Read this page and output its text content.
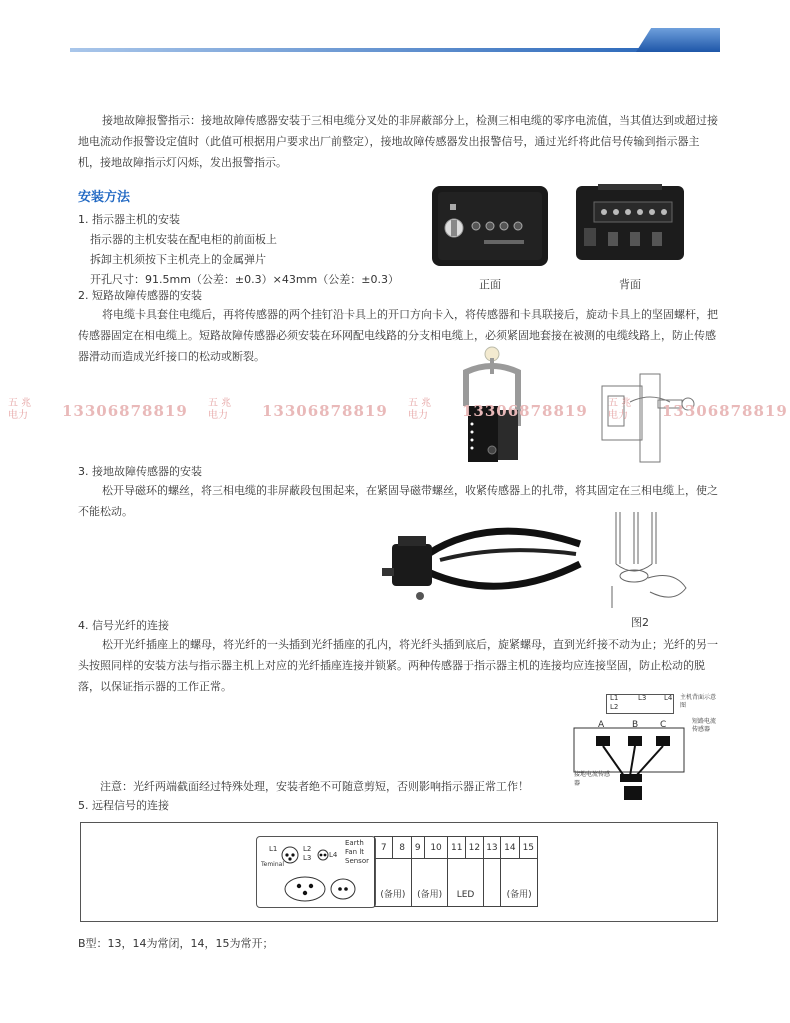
接地故障报警指示：接地故障传感器安装于三相电缆分叉处的非屏蔽部分上，检测三相电缆的零序电流值，当其值达到或超过接地电流动作报警设定值时（此值可根据用户要求出厂前整定），接地故障传感器发出报警信号，通过光纤将此信号传输到指示器主机，接地故障指示灯闪烁，发出报警指示。

安装方法
1. 指示器主机的安装
指示器的主机安装在配电柜的前面板上
拆卸主机须按下主机壳上的金属弹片
开孔尺寸：91.5mm（公差：±0.3）×43mm（公差：±0.3）	正面	背面
2. 短路故障传感器的安装

将电缆卡具套住电缆后，再将传感器的两个挂钉沿卡具上的开口方向卡入，将传感器和卡具联接后，旋动卡具上的坚固螺杆，把传感器固定在相电缆上。短路故障传感器必须安装在环网配电线路的分支相电缆上，必须紧固地套接在被测的电缆线路上，防止传感器滑动而造成光纤接口的松动或断裂。

五 兆
电力	13306878819 五 兆
电力	13306878819 五 兆
电力	13306878819 五 兆
电力	13306878819
3. 接地故障传感器的安装

松开导磁环的螺丝，将三相电缆的非屏蔽段包围起来，在紧固导磁带螺丝，收紧传感器上的扎带，将其固定在三相电缆上，使之不能松动。

图2
4. 信号光纤的连接

松开光纤插座上的螺母，将光纤的一头插到光纤插座的孔内，将光纤头插到底后，旋紧螺母，直到光纤接不动为止；光纤的另一头按照同样的安装方法与指示器主机上对应的光纤插座连接并锁紧。两种传感器于指示器主机的连接均应连接坚固，防止松动的脱落，以保证指示器的工作正常。

L1
L2
L3	L4 主机背面示意图
A	B C	短路电流传感器
接地电流传感器
注意：光纤两端截面经过特殊处理，安装者绝不可随意剪短，否则影响指示器正常工作！
5. 远程信号的连接
L1	L2
L3	L4
Teminal
Earth
Fan lt
Sensor
7	8	9	10	11	12	13	14	15
(备用)		(备用)		LED			(备用)	
B型：13，14为常闭，14，15为常开；
